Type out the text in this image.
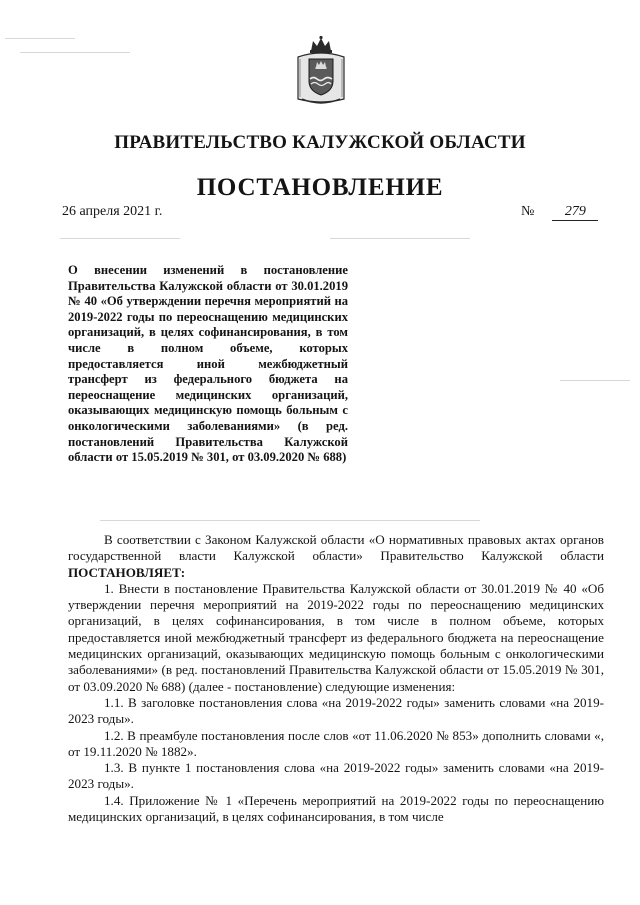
ПРАВИТЕЛЬСТВО КАЛУЖСКОЙ ОБЛАСТИ
ПОСТАНОВЛЕНИЕ
26 апреля 2021 г.	№ 279
О внесении изменений в постановление Правительства Калужской области от 30.01.2019 № 40 «Об утверждении перечня мероприятий на 2019-2022 годы по переоснащению медицинских организаций, в целях софинансирования, в том числе в полном объеме, которых предоставляется иной межбюджетный трансферт из федерального бюджета на переоснащение медицинских организаций, оказывающих медицинскую помощь больным с онкологическими заболеваниями» (в ред. постановлений Правительства Калужской области от 15.05.2019 № 301, от 03.09.2020 № 688)

В соответствии с Законом Калужской области «О нормативных правовых актах органов государственной власти Калужской области» Правительство Калужской области ПОСТАНОВЛЯЕТ:

1. Внести в постановление Правительства Калужской области от 30.01.2019 № 40 «Об утверждении перечня мероприятий на 2019-2022 годы по переоснащению медицинских организаций, в целях софинансирования, в том числе в полном объеме, которых предоставляется иной межбюджетный трансферт из федерального бюджета на переоснащение медицинских организаций, оказывающих медицинскую помощь больным с онкологическими заболеваниями» (в ред. постановлений Правительства Калужской области от 15.05.2019 № 301, от 03.09.2020 № 688) (далее - постановление) следующие изменения:

1.1. В заголовке постановления слова «на 2019-2022 годы» заменить словами «на 2019-2023 годы».

1.2. В преамбуле постановления после слов «от 11.06.2020 № 853» дополнить словами «, от 19.11.2020 № 1882».

1.3. В пункте 1 постановления слова «на 2019-2022 годы» заменить словами «на 2019-2023 годы».

1.4. Приложение № 1 «Перечень мероприятий на 2019-2022 годы по переоснащению медицинских организаций, в целях софинансирования, в том числе
